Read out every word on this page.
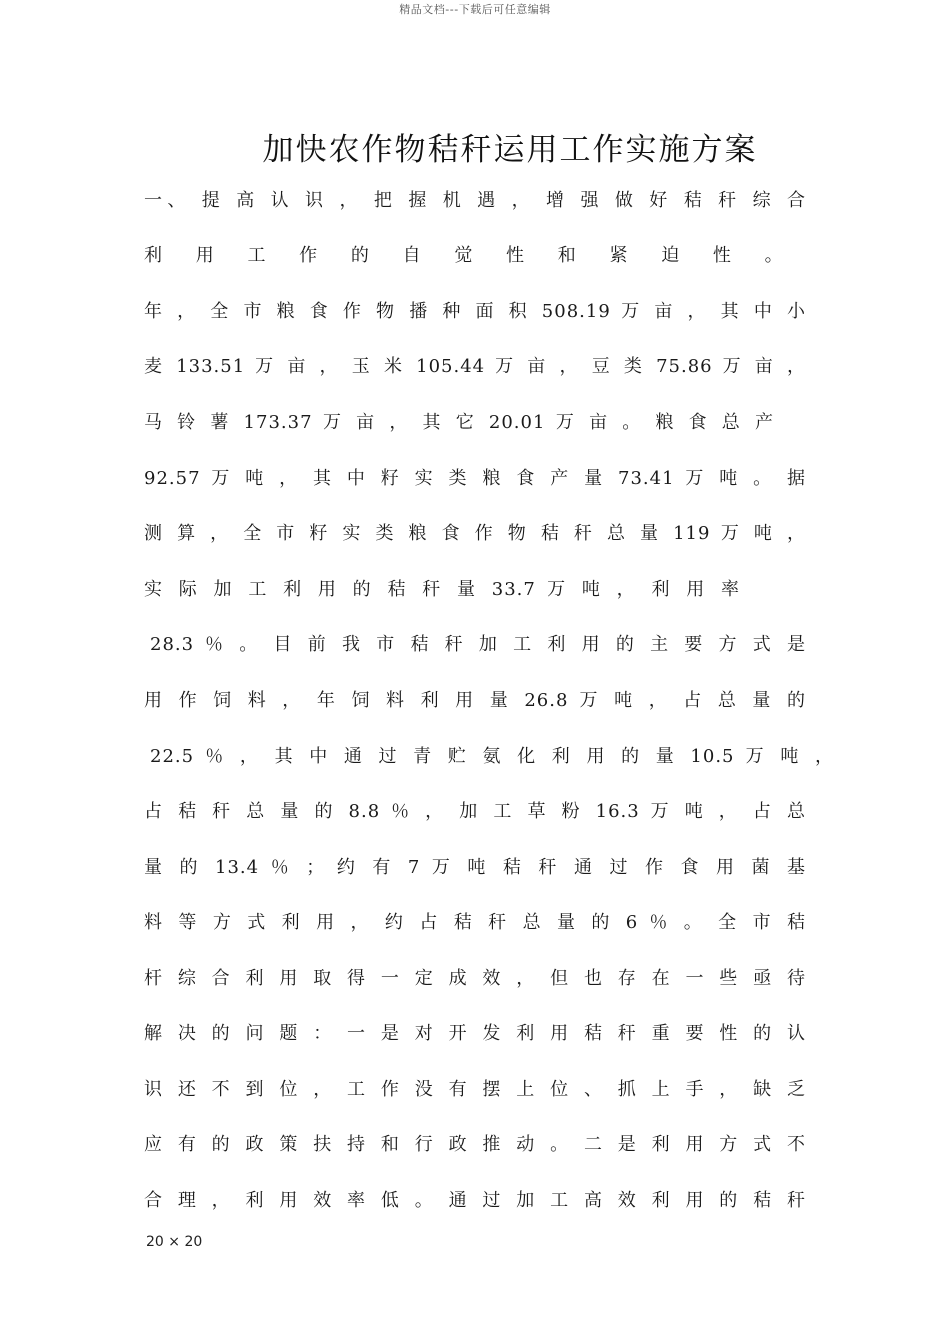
精品文档---下载后可任意编辑
加快农作物秸秆运用工作实施方案
一、 提 高 认 识 ， 把 握 机 遇 ， 增 强 做 好 秸 秆 综 合
利 用 工 作 的 自 觉 性 和 紧 迫 性 。
年 ， 全 市 粮 食 作 物 播 种 面 积 508.19 万 亩 ， 其 中 小
麦 133.51 万 亩 ， 玉 米 105.44 万 亩 ， 豆 类 75.86 万 亩 ，
马 铃 薯 173.37 万 亩 ， 其 它 20.01 万 亩 。 粮 食 总 产
92.57 万 吨 ， 其 中 籽 实 类 粮 食 产 量 73.41 万 吨 。 据
测 算 ， 全 市 籽 实 类 粮 食 作 物 秸 秆 总 量 119 万 吨 ，
实 际 加 工 利 用 的 秸 秆 量 33.7 万 吨 ， 利 用 率
28.3 ％ 。 目 前 我 市 秸 秆 加 工 利 用 的 主 要 方 式 是
用 作 饲 料 ， 年 饲 料 利 用 量 26.8 万 吨 ， 占 总 量 的
22.5 ％ ， 其 中 通 过 青 贮 氨 化 利 用 的 量 10.5 万 吨 ，
占 秸 秆 总 量 的 8.8 ％ ， 加 工 草 粉 16.3 万 吨 ， 占 总
量 的 13.4 ％ ； 约 有 7 万 吨 秸 秆 通 过 作 食 用 菌 基
料 等 方 式 利 用 ， 约 占 秸 秆 总 量 的 6 ％ 。 全 市 秸
杆 综 合 利 用 取 得 一 定 成 效 ， 但 也 存 在 一 些 亟 待
解 决 的 问 题 ： 一 是 对 开 发 利 用 秸 秆 重 要 性 的 认
识 还 不 到 位 ， 工 作 没 有 摆 上 位 、 抓 上 手 ， 缺 乏
应 有 的 政 策 扶 持 和 行 政 推 动 。 二 是 利 用 方 式 不
合 理 ， 利 用 效 率 低 。 通 过 加 工 高 效 利 用 的 秸 秆
20 × 20
